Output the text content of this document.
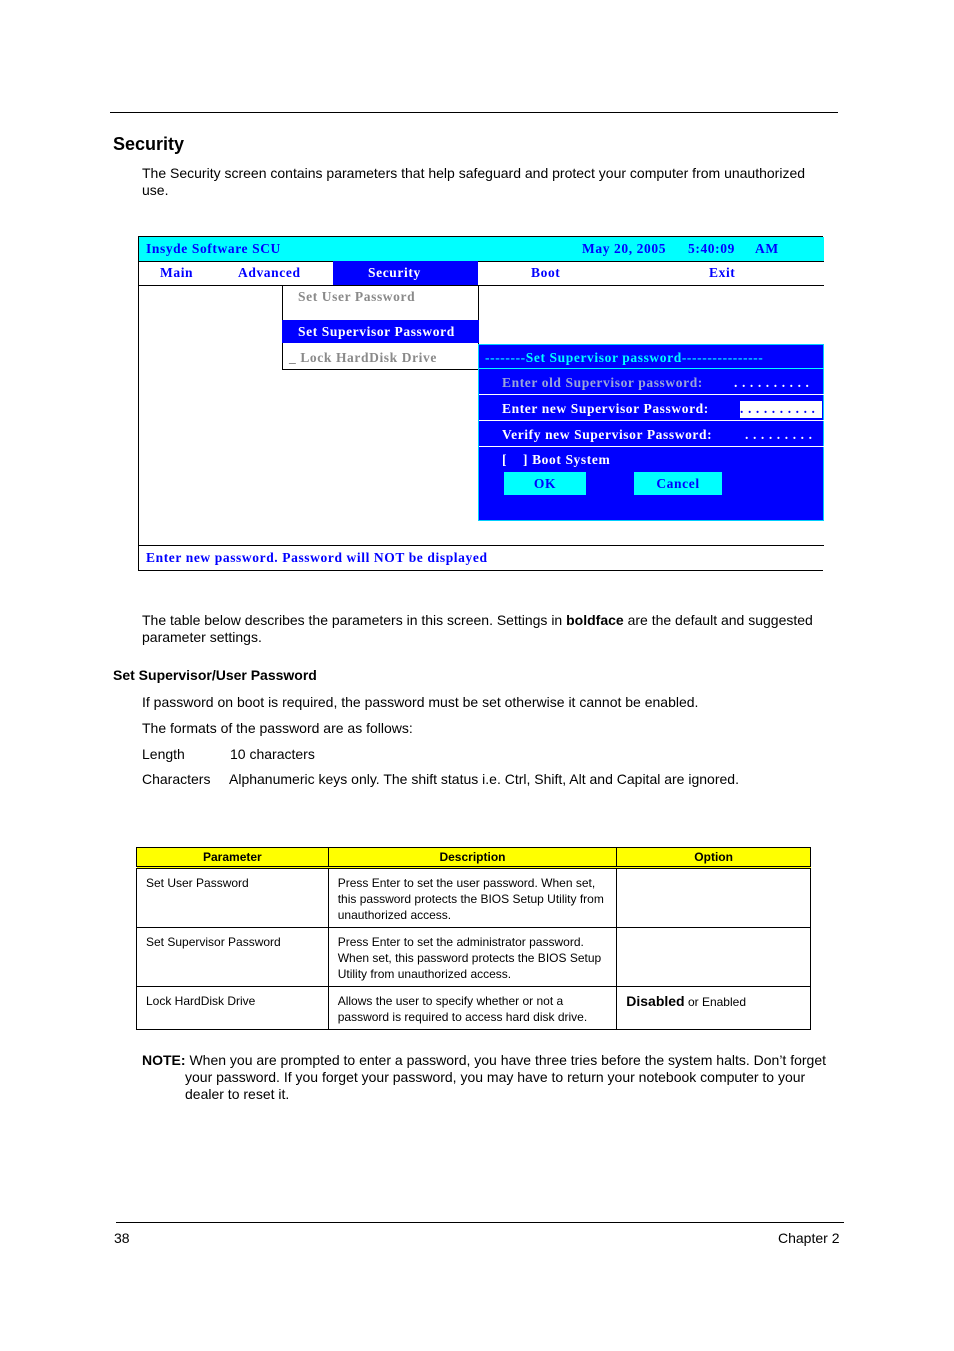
Security
The Security screen contains parameters that help safeguard and protect your computer from unauthorized use.
Insyde Software SCU	May 20, 2005 5:40:09 AM
Main	Advanced	Security	Boot	Exit
Set User Password
Set Supervisor Password
_ Lock HardDisk Drive	--------Set Supervisor password----------------
Enter old Supervisor password: . . . . . . . . . .
Enter new Supervisor Password: . . . . . . . . . .
Verify new Supervisor Password: . . . . . . . . .
[    ] Boot System
OK	Cancel
Enter new password. Password will NOT be displayed
The table below describes the parameters in this screen. Settings in boldface are the default and suggested parameter settings.
Set Supervisor/User Password
If password on boot is required, the password must be set otherwise it cannot be enabled.
The formats of the password are as follows:
Length	10 characters
Characters Alphanumeric keys only. The shift status i.e. Ctrl, Shift, Alt and Capital are ignored.
Parameter	Description	Option
Set User Password	Press Enter to set the user password. When set, this password protects the BIOS Setup Utility from unauthorized access.	
Set Supervisor Password	Press Enter to set the administrator password. When set, this password protects the BIOS Setup Utility from unauthorized access.	
Lock HardDisk Drive	Allows the user to specify whether or not a password is required to access hard disk drive.	Disabled or Enabled
NOTE: When you are prompted to enter a password, you have three tries before the system halts. Don’t forget your password. If you forget your password, you may have to return your notebook computer to your dealer to reset it.
38	Chapter 2
